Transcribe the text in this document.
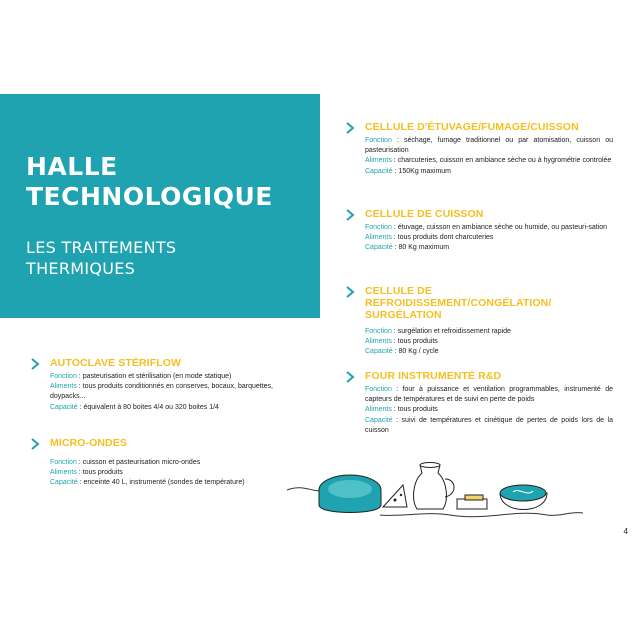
HALLE
TECHNOLOGIQUE
LES TRAITEMENTS
THERMIQUES
CELLULE D'ÉTUVAGE/FUMAGE/CUISSON
Fonction : séchage, fumage traditionnel ou par atomisation, cuisson ou pasteurisation
Aliments : charcuteries, cuisson en ambiance sèche ou à hygrométrie controlée
Capacité : 150Kg maximum
CELLULE DE CUISSON
Fonction : étuvage, cuisson en ambiance sèche ou humide, ou pasteuri-sation
Aliments : tous produits dont charcuteries
Capacité : 80 Kg maximum
CELLULE DE REFROIDISSEMENT/CONGÉLATION/
SURGÉLATION
Fonction : surgélation et refroidissement rapide
Aliments : tous produits
Capacité : 80 Kg / cycle
FOUR INSTRUMENTÉ R&D
Fonction : four à puissance et ventilation programmables, instrumenté de capteurs de températures et de suivi en perte de poids
Aliments : tous produits
Capacité : suivi de températures et cinétique de pertes de poids lors de la cuisson
AUTOCLAVE STÉRIFLOW
Fonction : pasteurisation et stérilisation (en mode statique)
Aliments : tous produits conditionnés en conserves, bocaux, barquettes, doypacks...
Capacité : équivalent à 80 boites 4/4 ou 320 boites 1/4
MICRO-ONDES
Fonction : cuisson et pasteurisation micro-ondes
Aliments : tous produits
Capacité : enceinte 40 L, instrumenté (sondes de température)
4
